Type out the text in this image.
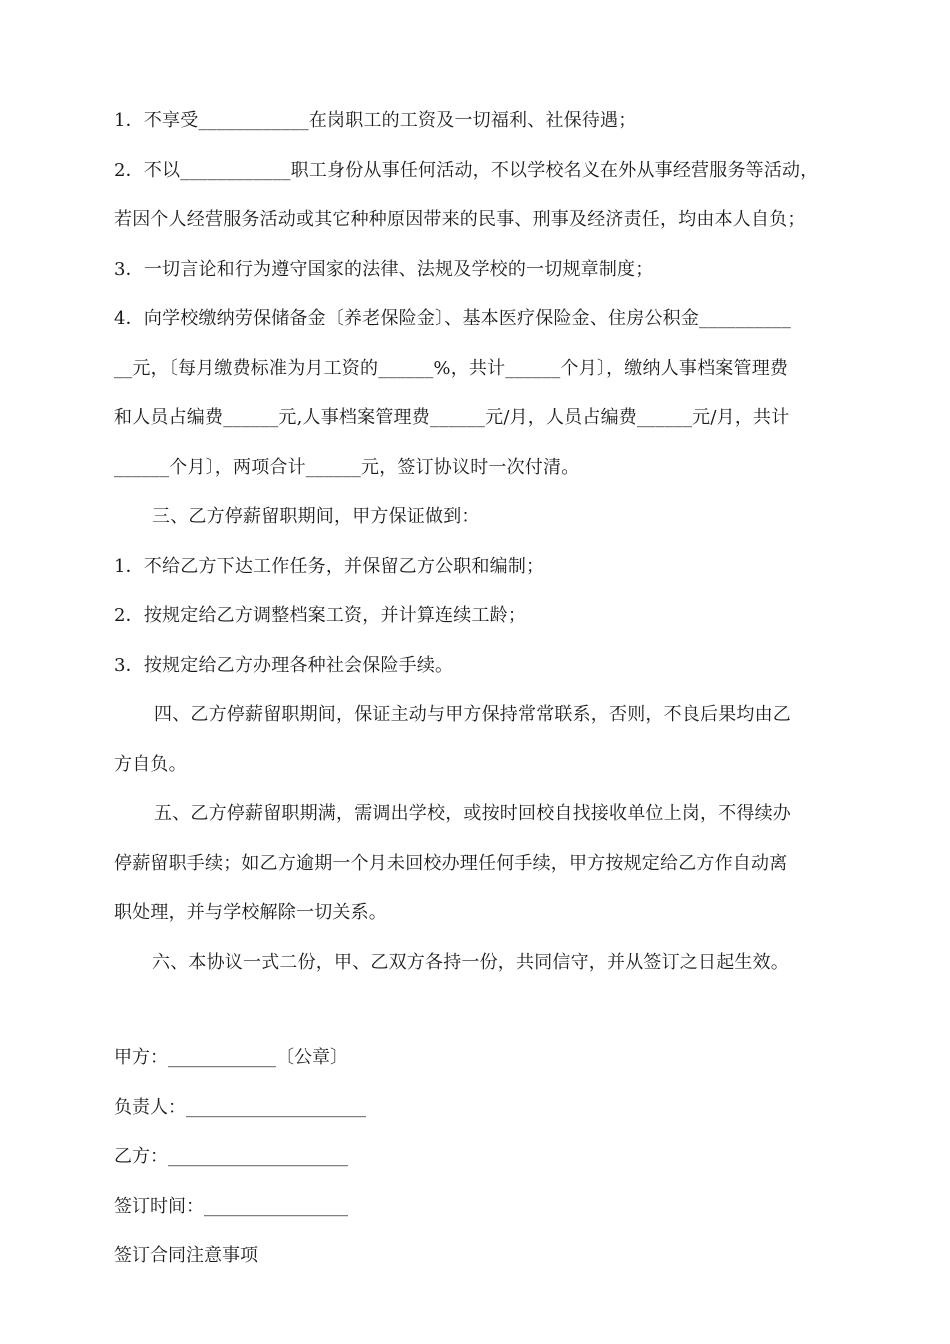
1．不享受____________在岗职工的工资及一切福利、社保待遇；
2．不以____________职工身份从事任何活动，不以学校名义在外从事经营服务等活动，
若因个人经营服务活动或其它种种原因带来的民事、刑事及经济责任，均由本人自负；
3．一切言论和行为遵守国家的法律、法规及学校的一切规章制度；
4．向学校缴纳劳保储备金〔养老保险金〕、基本医疗保险金、住房公积金__________
__元，〔每月缴费标准为月工资的______%，共计______个月〕，缴纳人事档案管理费
和人员占编费______元,人事档案管理费______元/月，人员占编费______元/月，共计
______个月〕，两项合计______元，签订协议时一次付清。
三、乙方停薪留职期间，甲方保证做到：
1．不给乙方下达工作任务，并保留乙方公职和编制；
2．按规定给乙方调整档案工资，并计算连续工龄；
3．按规定给乙方办理各种社会保险手续。
四、乙方停薪留职期间，保证主动与甲方保持常常联系，否则，不良后果均由乙
方自负。
五、乙方停薪留职期满，需调出学校，或按时回校自找接收单位上岗，不得续办
停薪留职手续；如乙方逾期一个月未回校办理任何手续，甲方按规定给乙方作自动离
职处理，并与学校解除一切关系。
六、本协议一式二份，甲、乙双方各持一份，共同信守，并从签订之日起生效。
甲方：____________〔公章〕
负责人：____________________
乙方：____________________
签订时间：________________
签订合同注意事项
